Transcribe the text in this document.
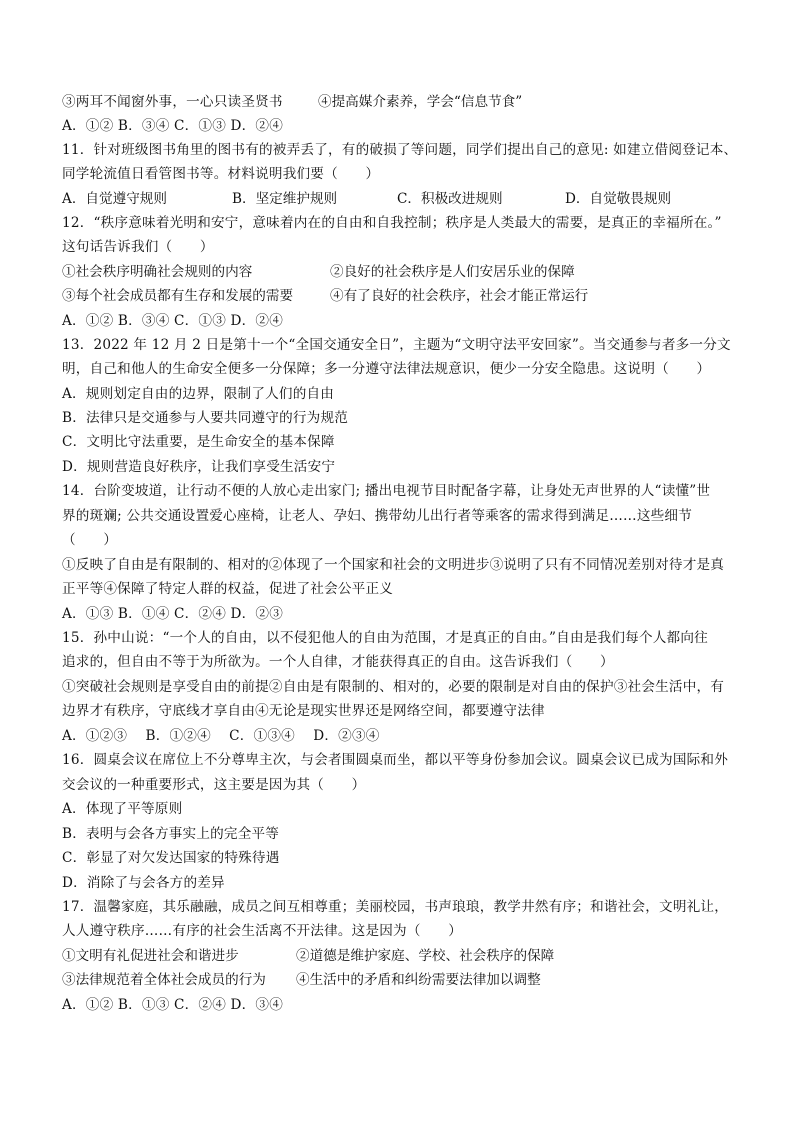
③两耳不闻窗外事，一心只读圣贤书	④提高媒介素养，学会“信息节食”
A．①② B．③④ C．①③ D．②④
11．针对班级图书角里的图书有的被弄丢了，有的破损了等问题，同学们提出自己的意见: 如建立借阅登记本、
同学轮流值日看管图书等。材料说明我们要（　　）
A．自觉遵守规则	B．坚定维护规则	C．积极改进规则	D．自觉敬畏规则
12．“秩序意味着光明和安宁，意味着内在的自由和自我控制；秩序是人类最大的需要，是真正的幸福所在。”
这句话告诉我们（　　）
①社会秩序明确社会规则的内容	②良好的社会秩序是人们安居乐业的保障
③每个社会成员都有生存和发展的需要	④有了良好的社会秩序，社会才能正常运行
A．①② B．③④ C．①③ D．②④
13．2022 年 12 月 2 日是第十一个“全国交通安全日”，主题为“文明守法平安回家”。当交通参与者多一分文
明，自己和他人的生命安全便多一分保障；多一分遵守法律法规意识，便少一分安全隐患。这说明（　　）
A．规则划定自由的边界，限制了人们的自由
B．法律只是交通参与人要共同遵守的行为规范
C．文明比守法重要，是生命安全的基本保障
D．规则营造良好秩序，让我们享受生活安宁
14．台阶变坡道，让行动不便的人放心走出家门; 播出电视节目时配备字幕，让身处无声世界的人“读懂”世
界的斑斓; 公共交通设置爱心座椅，让老人、孕妇、携带幼儿出行者等乘客的需求得到满足……这些细节
（　　）
①反映了自由是有限制的、相对的②体现了一个国家和社会的文明进步③说明了只有不同情况差别对待才是真
正平等④保障了特定人群的权益，促进了社会公平正义
A．①③ B．①④ C．②④ D．②③
15．孙中山说：“一个人的自由，以不侵犯他人的自由为范围，才是真正的自由。”自由是我们每个人都向往
追求的，但自由不等于为所欲为。一个人自律，才能获得真正的自由。这告诉我们（　　）
①突破社会规则是享受自由的前提②自由是有限制的、相对的，必要的限制是对自由的保护③社会生活中，有
边界才有秩序，守底线才享自由④无论是现实世界还是网络空间，都要遵守法律
A．①②③　 B．①②④　 C．①③④　 D．②③④
16．圆桌会议在席位上不分尊卑主次，与会者围圆桌而坐，都以平等身份参加会议。圆桌会议已成为国际和外
交会议的一种重要形式，这主要是因为其（　　）
A．体现了平等原则
B．表明与会各方事实上的完全平等
C．彰显了对欠发达国家的特殊待遇
D．消除了与会各方的差异
17．温馨家庭，其乐融融，成员之间互相尊重；美丽校园，书声琅琅，教学井然有序；和谐社会，文明礼让，
人人遵守秩序……有序的社会生活离不开法律。这是因为（　　）
①文明有礼促进社会和谐进步	②道德是维护家庭、学校、社会秩序的保障
③法律规范着全体社会成员的行为 ④生活中的矛盾和纠纷需要法律加以调整
A．①② B．①③ C．②④ D．③④
